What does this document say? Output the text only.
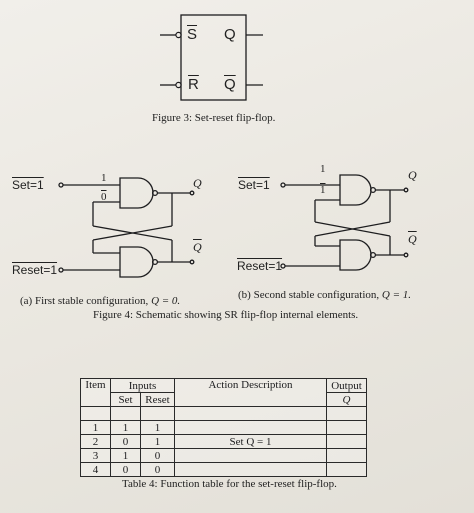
$\overline{S}$ Q
$\overline{R}$ $\overline{Q}$
Figure 3: Set-reset flip-flop.
Set=1
Reset=1
1
0
Q
$\overline{Q}$
Set=1
Reset=1
1
1
Q
$\overline{Q}$
(a) First stable configuration, Q = 0.	(b) Second stable configuration, Q = 1.
Figure 4: Schematic showing SR flip-flop internal elements.
Item	Inputs		Action Description	Output
	Set	Reset		Q

1	1	1		
2	0	1	Set Q = 1	
3	1	0		
4	0	0		
Table 4: Function table for the set-reset flip-flop.
